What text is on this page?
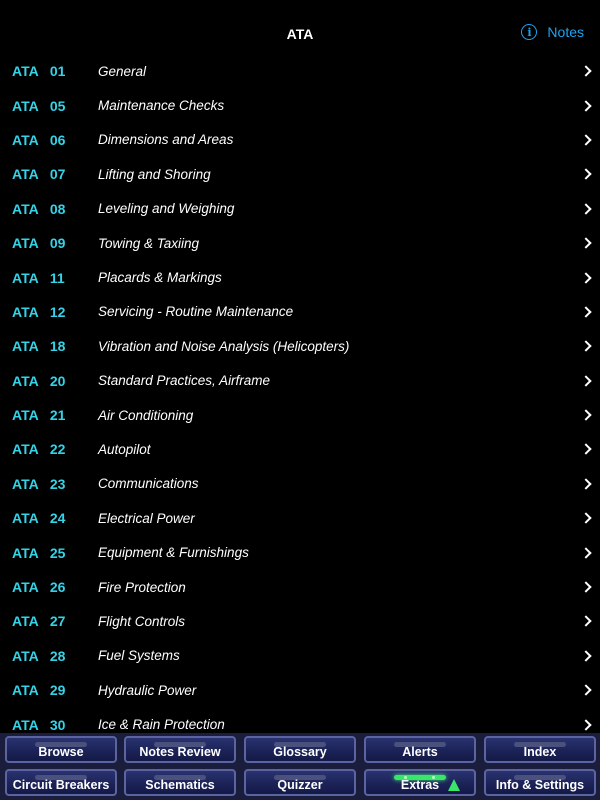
ATA	i	Notes
ATA 01	General
ATA 05	Maintenance Checks
ATA 06	Dimensions and Areas
ATA 07	Lifting and Shoring
ATA 08	Leveling and Weighing
ATA 09	Towing & Taxiing
ATA 11	Placards & Markings
ATA 12	Servicing - Routine Maintenance
ATA 18	Vibration and Noise Analysis (Helicopters)
ATA 20	Standard Practices, Airframe
ATA 21	Air Conditioning
ATA 22	Autopilot
ATA 23	Communications
ATA 24	Electrical Power
ATA 25	Equipment & Furnishings
ATA 26	Fire Protection
ATA 27	Flight Controls
ATA 28	Fuel Systems
ATA 29	Hydraulic Power
ATA 30	Ice & Rain Protection
Browse	Notes Review	Glossary	Alerts	Index
Circuit Breakers	Schematics	Quizzer	Extras	Info & Settings
